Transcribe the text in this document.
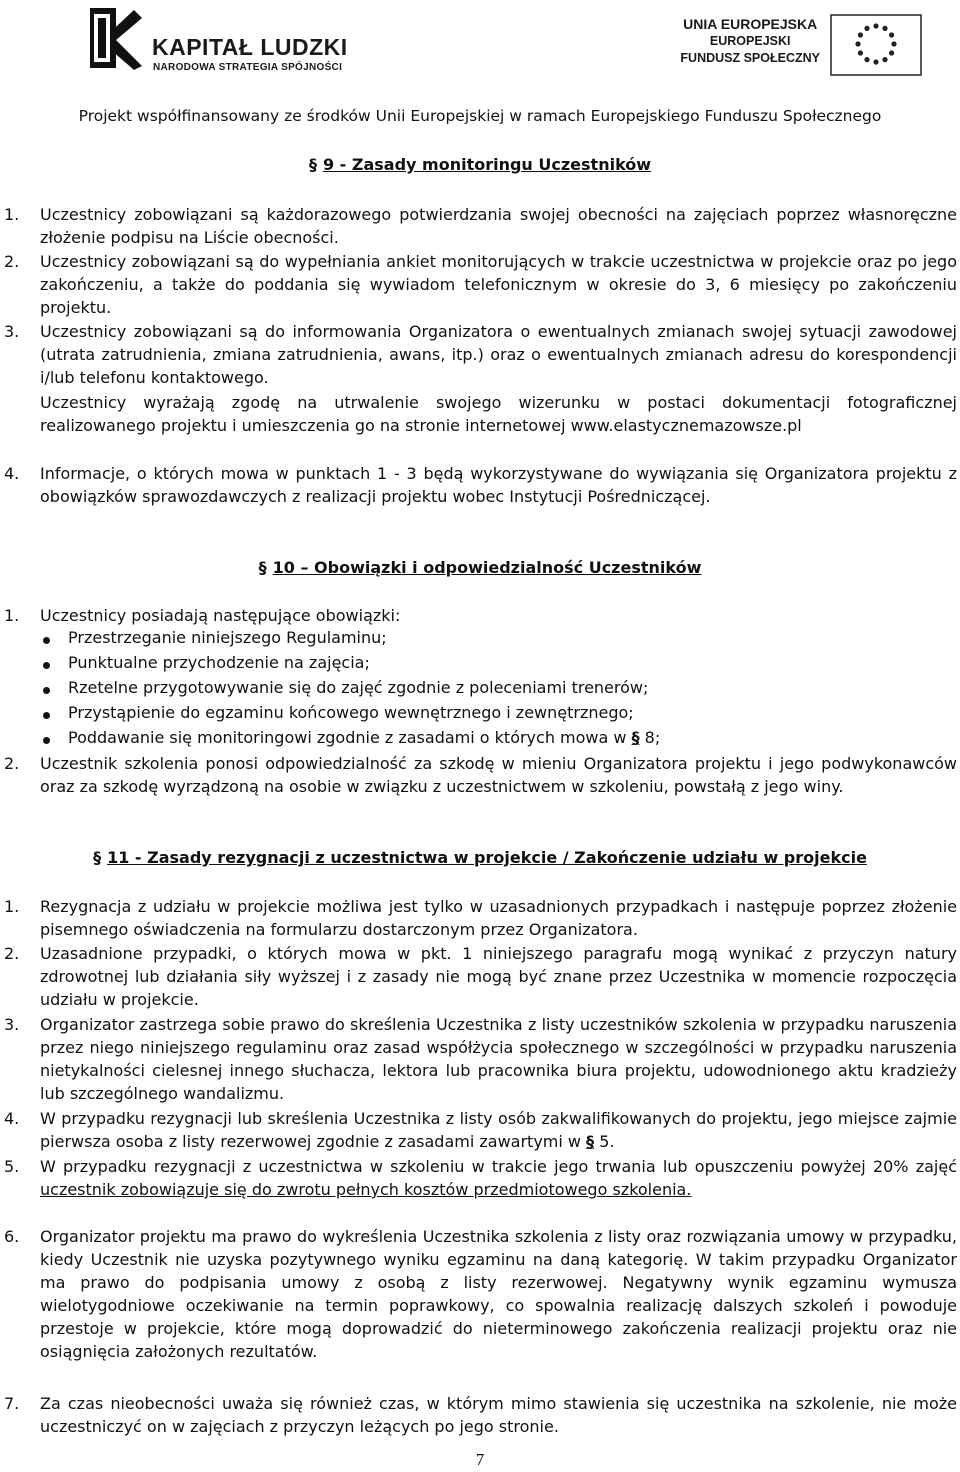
KAPITAŁ LUDZKI
NARODOWA STRATEGIA SPÓJNOŚCI
UNIA EUROPEJSKA
EUROPEJSKI
FUNDUSZ SPOŁECZNY
Projekt współfinansowany ze środków Unii Europejskiej w ramach Europejskiego Funduszu Społecznego
§ 9 - Zasady monitoringu Uczestników
1. Uczestnicy zobowiązani są każdorazowego potwierdzania swojej obecności na zajęciach poprzez własnoręczne złożenie podpisu na Liście obecności.
2. Uczestnicy zobowiązani są do wypełniania ankiet monitorujących w trakcie uczestnictwa w projekcie oraz po jego zakończeniu, a także do poddania się wywiadom telefonicznym w okresie do 3, 6 miesięcy po zakończeniu projektu.
3. Uczestnicy zobowiązani są do informowania Organizatora o ewentualnych zmianach swojej sytuacji zawodowej (utrata zatrudnienia, zmiana zatrudnienia, awans, itp.) oraz o ewentualnych zmianach adresu do korespondencji i/lub telefonu kontaktowego.
Uczestnicy wyrażają zgodę na utrwalenie swojego wizerunku w postaci dokumentacji fotograficznej realizowanego projektu i umieszczenia go na stronie internetowej www.elastycznemazowsze.pl
4. Informacje, o których mowa w punktach 1 - 3 będą wykorzystywane do wywiązania się Organizatora projektu z obowiązków sprawozdawczych z realizacji projektu wobec Instytucji Pośredniczącej.
§ 10 – Obowiązki i odpowiedzialność Uczestników
1. Uczestnicy posiadają następujące obowiązki:
Przestrzeganie niniejszego Regulaminu;
Punktualne przychodzenie na zajęcia;
Rzetelne przygotowywanie się do zajęć zgodnie z poleceniami trenerów;
Przystąpienie do egzaminu końcowego wewnętrznego i zewnętrznego;
Poddawanie się monitoringowi zgodnie z zasadami o których mowa w § 8;
2. Uczestnik szkolenia ponosi odpowiedzialność za szkodę w mieniu Organizatora projektu i jego podwykonawców oraz za szkodę wyrządzoną na osobie w związku z uczestnictwem w szkoleniu, powstałą z jego winy.
§ 11 - Zasady rezygnacji z uczestnictwa w projekcie / Zakończenie udziału w projekcie
1. Rezygnacja z udziału w projekcie możliwa jest tylko w uzasadnionych przypadkach i następuje poprzez złożenie pisemnego oświadczenia na formularzu dostarczonym przez Organizatora.
2. Uzasadnione przypadki, o których mowa w pkt. 1 niniejszego paragrafu mogą wynikać z przyczyn natury zdrowotnej lub działania siły wyższej i z zasady nie mogą być znane przez Uczestnika w momencie rozpoczęcia udziału w projekcie.
3. Organizator zastrzega sobie prawo do skreślenia Uczestnika z listy uczestników szkolenia w przypadku naruszenia przez niego niniejszego regulaminu oraz zasad współżycia społecznego w szczególności w przypadku naruszenia nietykalności cielesnej innego słuchacza, lektora lub pracownika biura projektu, udowodnionego aktu kradzieży lub szczególnego wandalizmu.
4. W przypadku rezygnacji lub skreślenia Uczestnika z listy osób zakwalifikowanych do projektu, jego miejsce zajmie pierwsza osoba z listy rezerwowej zgodnie z zasadami zawartymi w § 5.
5. W przypadku rezygnacji z uczestnictwa w szkoleniu w trakcie jego trwania lub opuszczeniu powyżej 20% zajęć uczestnik zobowiązuje się do zwrotu pełnych kosztów przedmiotowego szkolenia.
6. Organizator projektu ma prawo do wykreślenia Uczestnika szkolenia z listy oraz rozwiązania umowy w przypadku, kiedy Uczestnik nie uzyska pozytywnego wyniku egzaminu na daną kategorię. W takim przypadku Organizator ma prawo do podpisania umowy z osobą z listy rezerwowej. Negatywny wynik egzaminu wymusza wielotygodniowe oczekiwanie na termin poprawkowy, co spowalnia realizację dalszych szkoleń i powoduje przestoje w projekcie, które mogą doprowadzić do nieterminowego zakończenia realizacji projektu oraz nie osiągnięcia założonych rezultatów.
7. Za czas nieobecności uważa się również czas, w którym mimo stawienia się uczestnika na szkolenie, nie może uczestniczyć on w zajęciach z przyczyn leżących po jego stronie.
7
